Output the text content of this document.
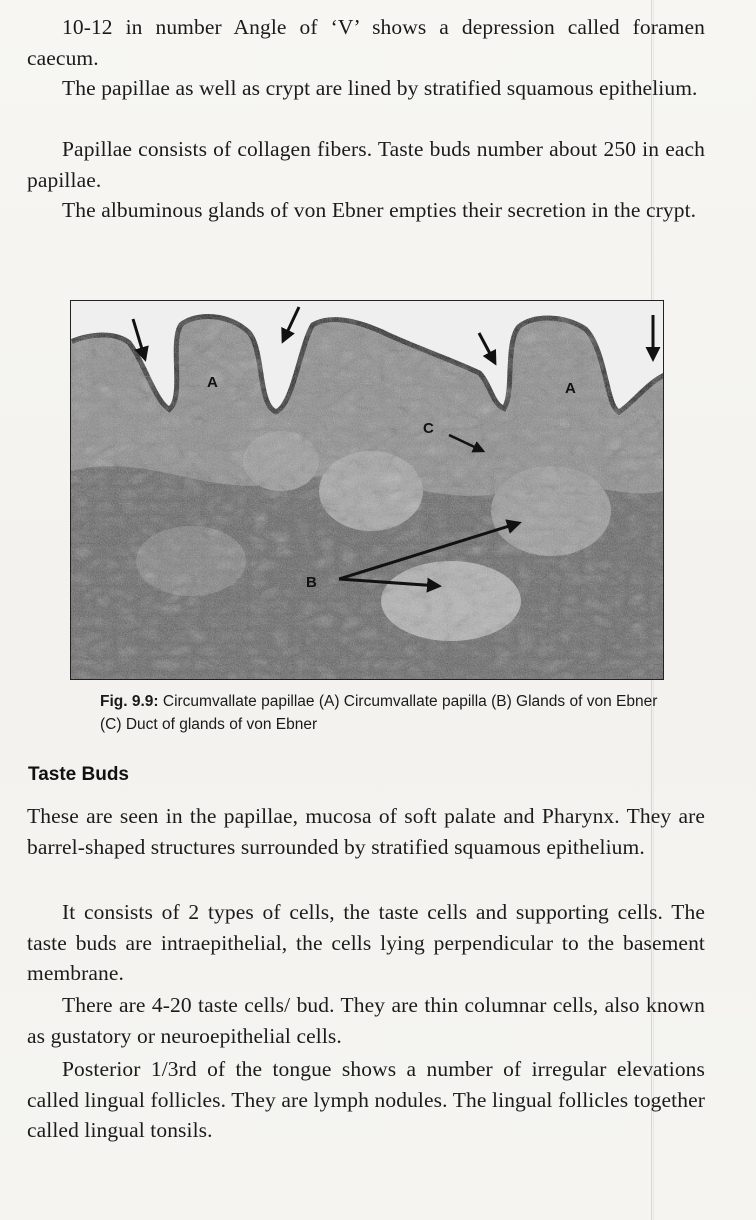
10-12 in number Angle of ‘V’ shows a depression called foramen caecum.

The papillae as well as crypt are lined by stratified squamous epithelium.

Papillae consists of collagen fibers. Taste buds number about 250 in each papillae.

The albuminous glands of von Ebner empties their secretion in the crypt.

A	A
B
C
Fig. 9.9: Circumvallate papillae (A) Circumvallate papilla (B) Glands of von Ebner (C) Duct of glands of von Ebner
Taste Buds

These are seen in the papillae, mucosa of soft palate and Pharynx. They are barrel-shaped structures surrounded by stratified squamous epithelium.

It consists of 2 types of cells, the taste cells and supporting cells. The taste buds are intraepithelial, the cells lying perpendicular to the basement membrane.

There are 4-20 taste cells/ bud. They are thin columnar cells, also known as gustatory or neuroepithelial cells.

Posterior 1/3rd of the tongue shows a number of irregular elevations called lingual follicles. They are lymph nodules. The lingual follicles together called lingual tonsils.
